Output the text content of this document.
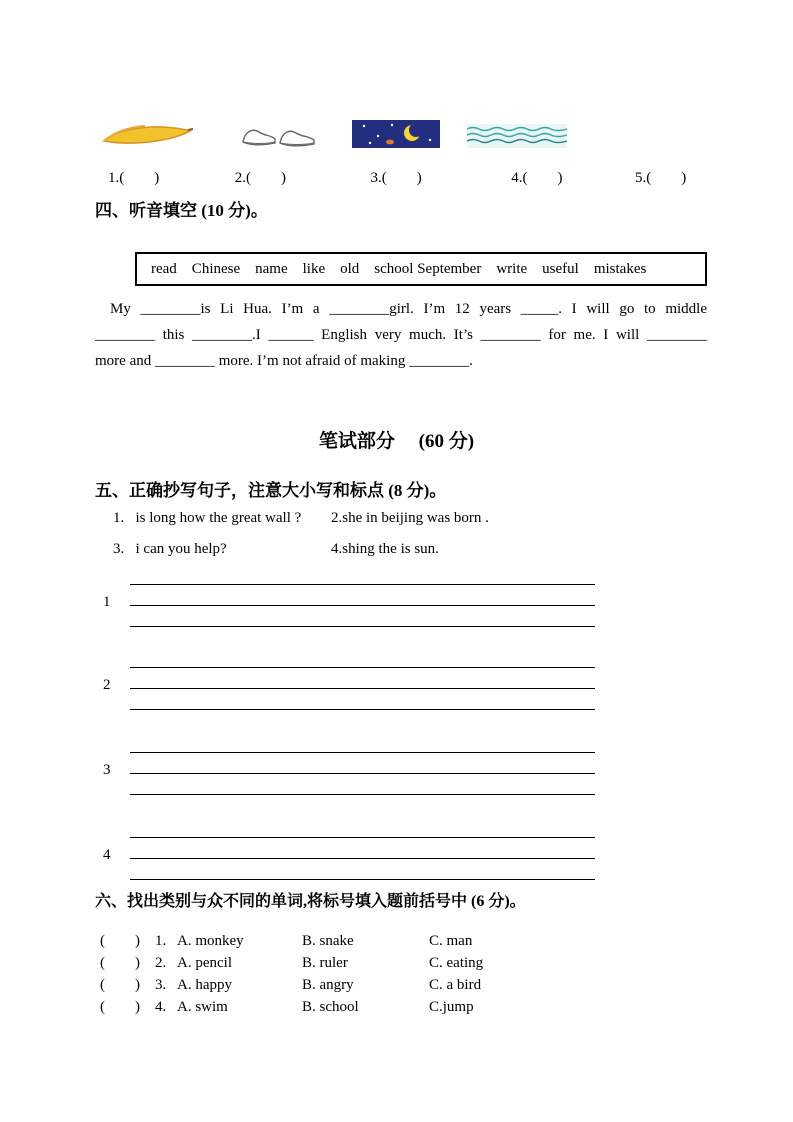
1.(　　)	2.(　　)	3.(　　)	4.(　　)	5.(　　)
四、听音填空 (10 分)。
read    Chinese    name    like    old    school September    write    useful    mistakes
My ________is Li Hua. I’m a ________girl. I’m 12 years _____. I will go to middle
________ this ________.I ______ English very much. It’s ________ for me. I will ________
more and ________ more. I’m not afraid of making ________.
笔试部分　 (60 分)
五、正确抄写句子，注意大小写和标点 (8 分)。
1.   is long how the great wall ?	2.she in beijing was born .
3.   i can you help?	4.shing the is sun.
1
2
3
4
六、找出类别与众不同的单词,将标号填入题前括号中 (6 分)。
(        )	1. A. monkey	B. snake	C. man
(        )	2. A. pencil	B. ruler	C. eating
(        )	3. A. happy	B. angry	C. a bird
(        )	4. A. swim	B. school	C.jump
